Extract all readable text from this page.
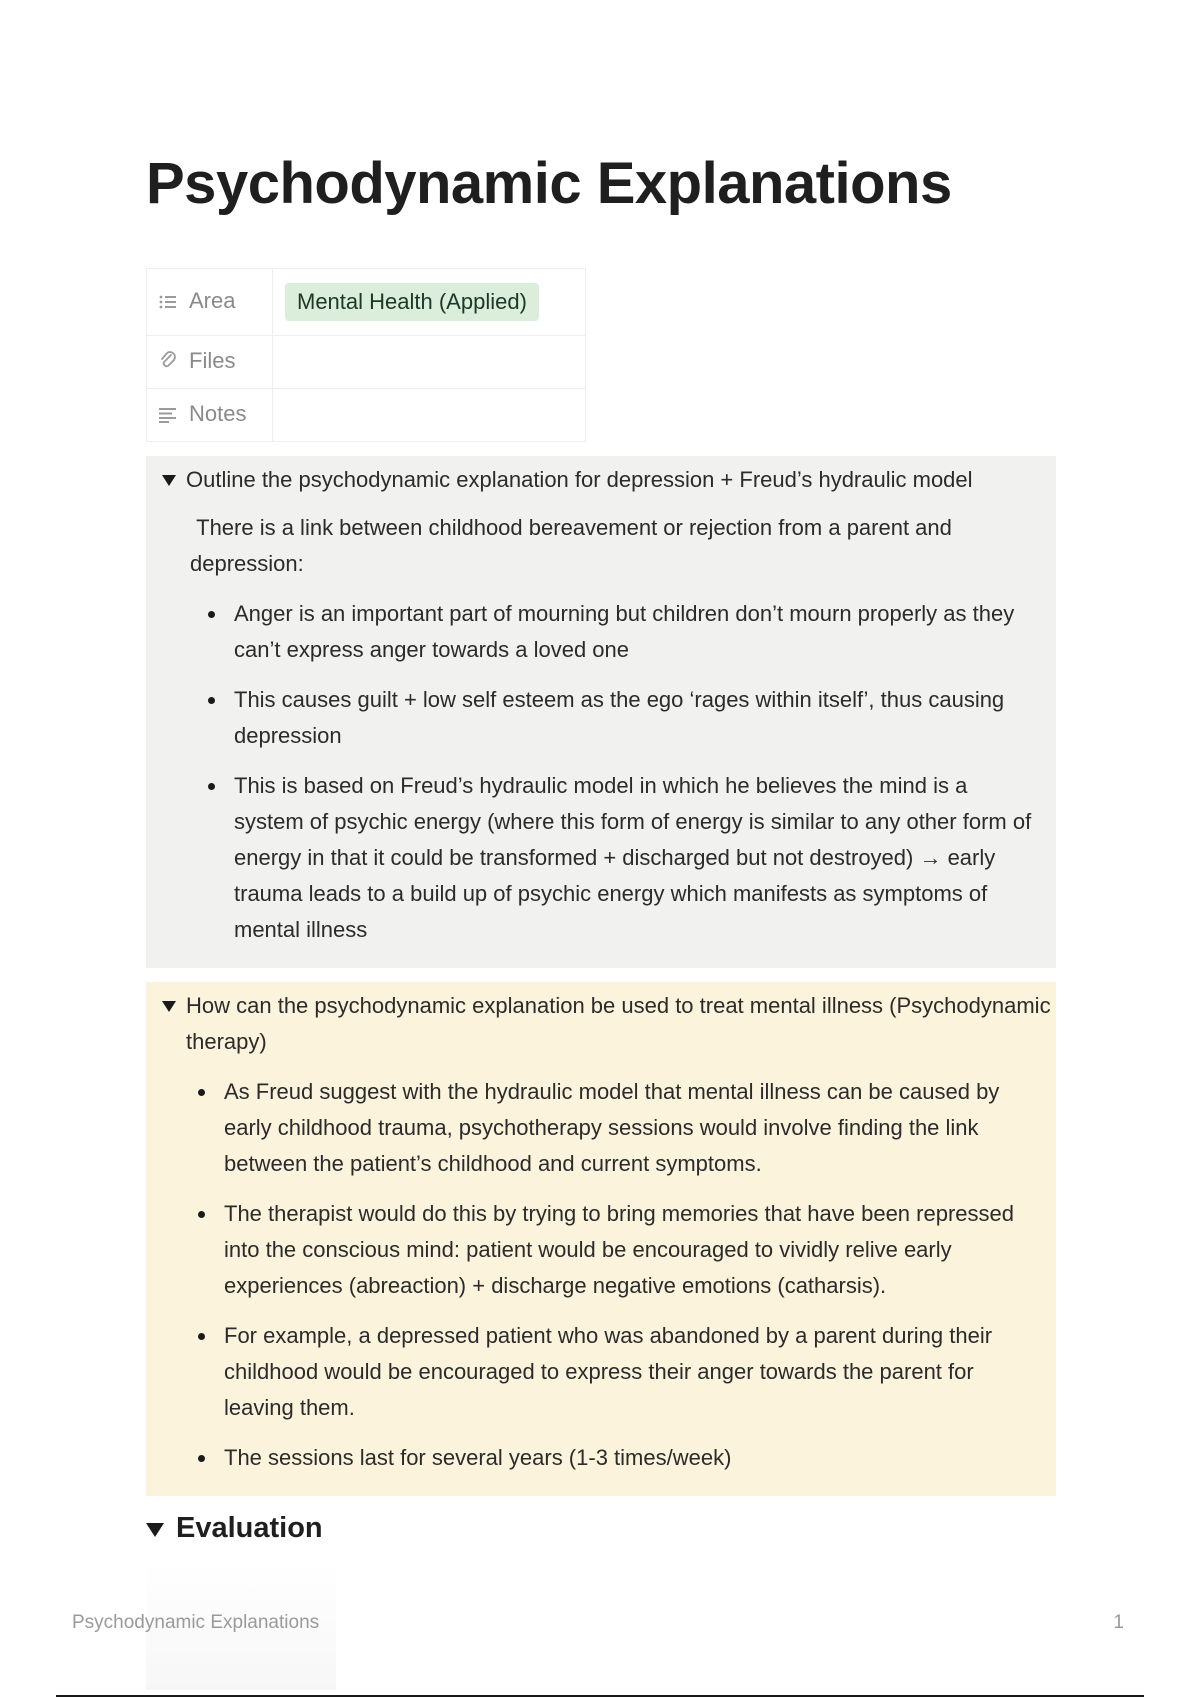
Psychodynamic Explanations
Area	Mental Health (Applied)
Files	
Notes	
Outline the psychodynamic explanation for depression + Freud’s hydraulic model
There is a link between childhood bereavement or rejection from a parent and depression:
Anger is an important part of mourning but children don’t mourn properly as they can’t express anger towards a loved one
This causes guilt + low self esteem as the ego ‘rages within itself’, thus causing depression
This is based on Freud’s hydraulic model in which he believes the mind is a system of psychic energy (where this form of energy is similar to any other form of energy in that it could be transformed + discharged but not destroyed) → early trauma leads to a build up of psychic energy which manifests as symptoms of mental illness
How can the psychodynamic explanation be used to treat mental illness (Psychodynamic therapy)
As Freud suggest with the hydraulic model that mental illness can be caused by early childhood trauma, psychotherapy sessions would involve finding the link between the patient’s childhood and current symptoms.
The therapist would do this by trying to bring memories that have been repressed into the conscious mind: patient would be encouraged to vividly relive early experiences (abreaction) + discharge negative emotions (catharsis).
For example, a depressed patient who was abandoned by a parent during their childhood would be encouraged to express their anger towards the parent for leaving them.
The sessions last for several years (1-3 times/week)
Evaluation
Psychodynamic Explanations	1
